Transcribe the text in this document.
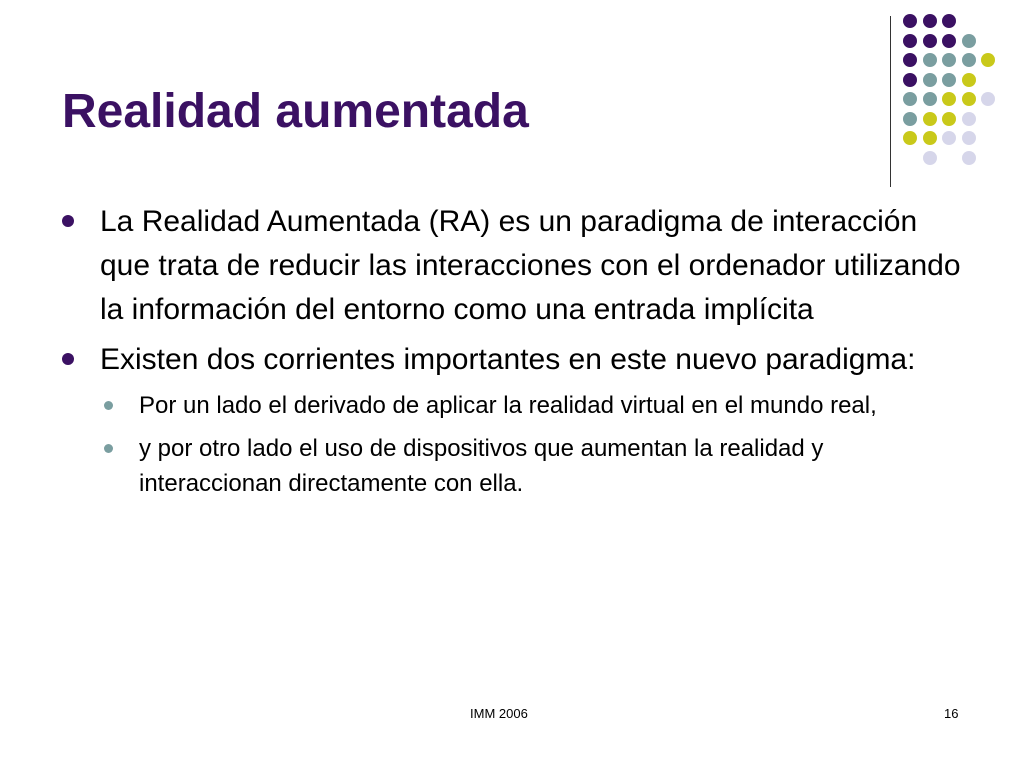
Realidad aumentada
La Realidad Aumentada (RA) es un paradigma de interacción que trata de reducir las interacciones con el ordenador utilizando la información del entorno como una entrada implícita
Existen dos corrientes importantes en este nuevo paradigma:
Por un lado el derivado de aplicar la realidad virtual en el mundo real,
y por otro lado el uso de dispositivos que aumentan la realidad y interaccionan directamente con ella.
IMM 2006	16
